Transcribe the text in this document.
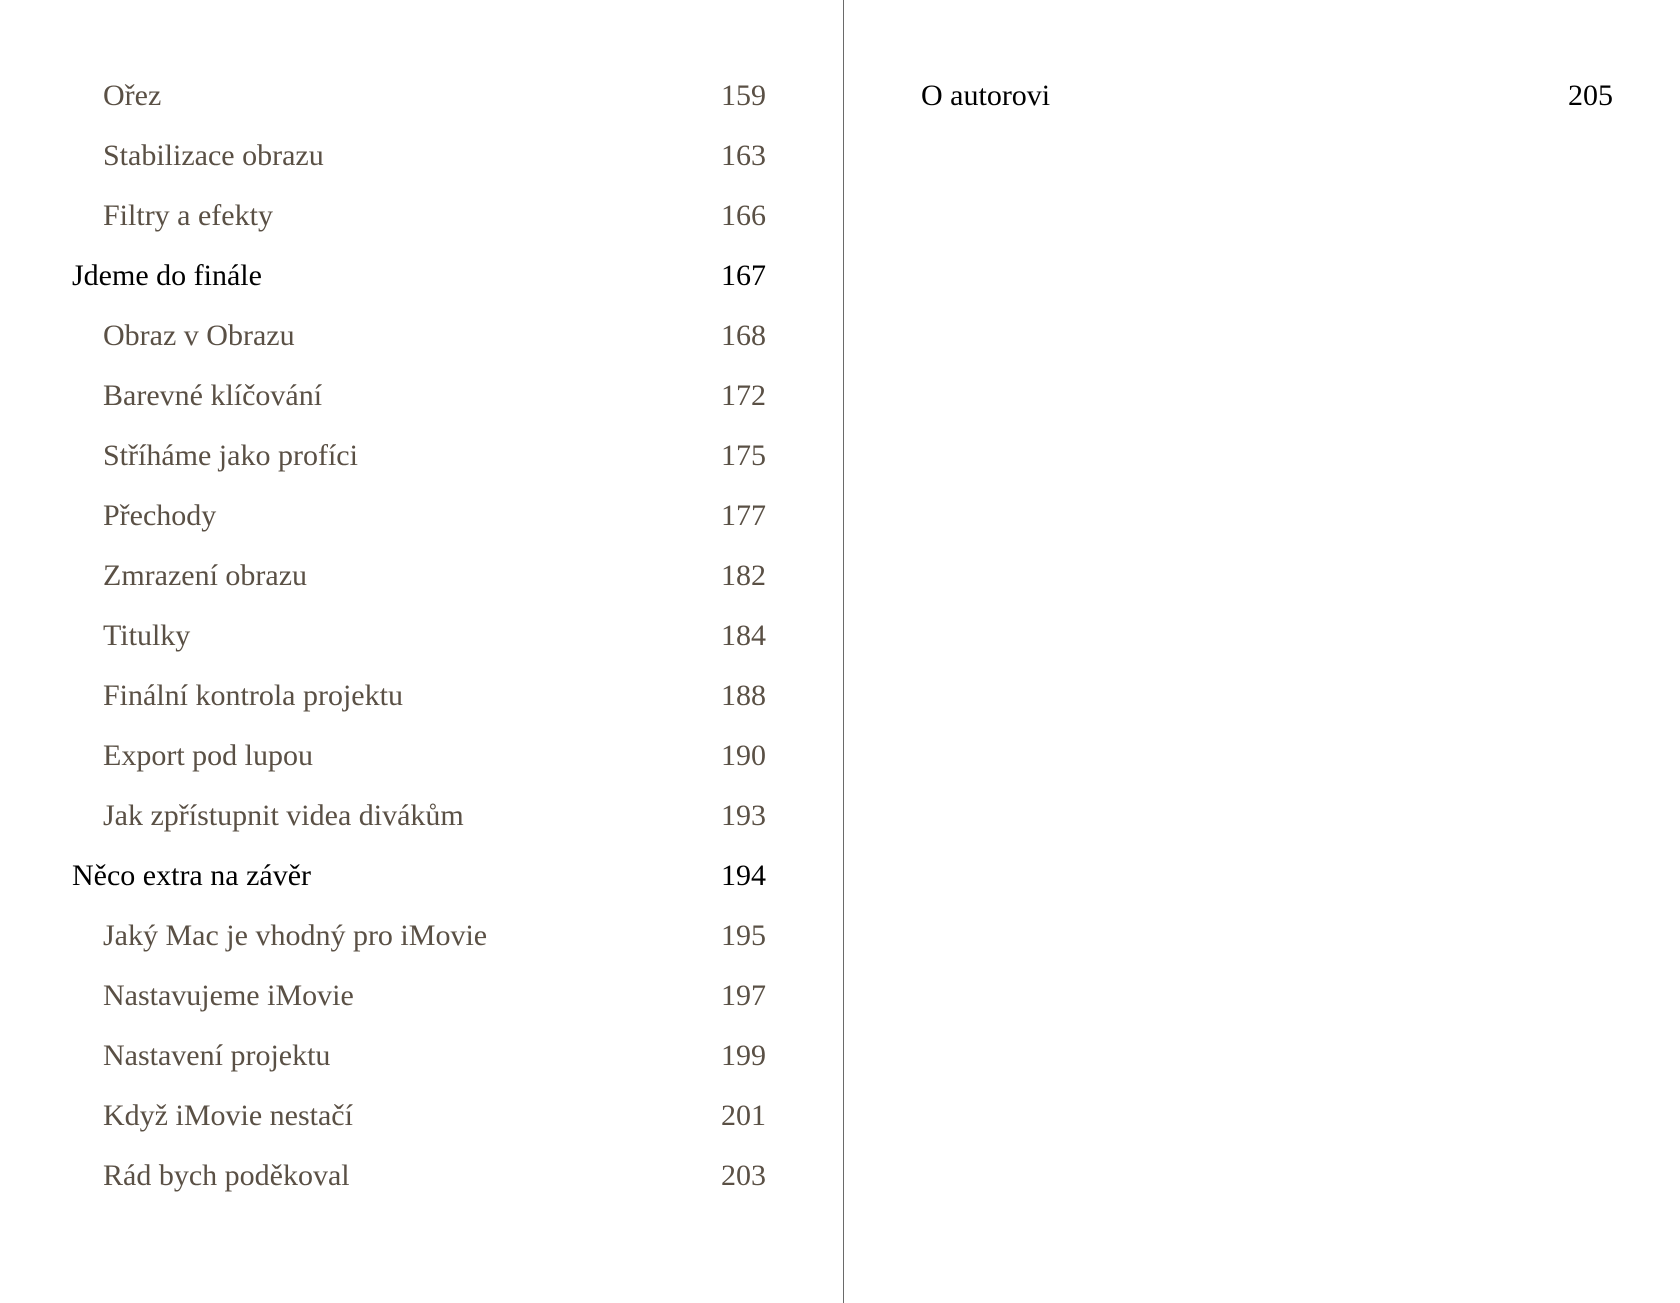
Ořez	159
Stabilizace obrazu	163
Filtry a efekty	166
Jdeme do finále	167
Obraz v Obrazu	168
Barevné klíčování	172
Stříháme jako profíci	175
Přechody	177
Zmrazení obrazu	182
Titulky	184
Finální kontrola projektu	188
Export pod lupou	190
Jak zpřístupnit videa divákům	193
Něco extra na závěr	194
Jaký Mac je vhodný pro iMovie	195
Nastavujeme iMovie	197
Nastavení projektu	199
Když iMovie nestačí	201
Rád bych poděkoval	203
O autorovi	205
